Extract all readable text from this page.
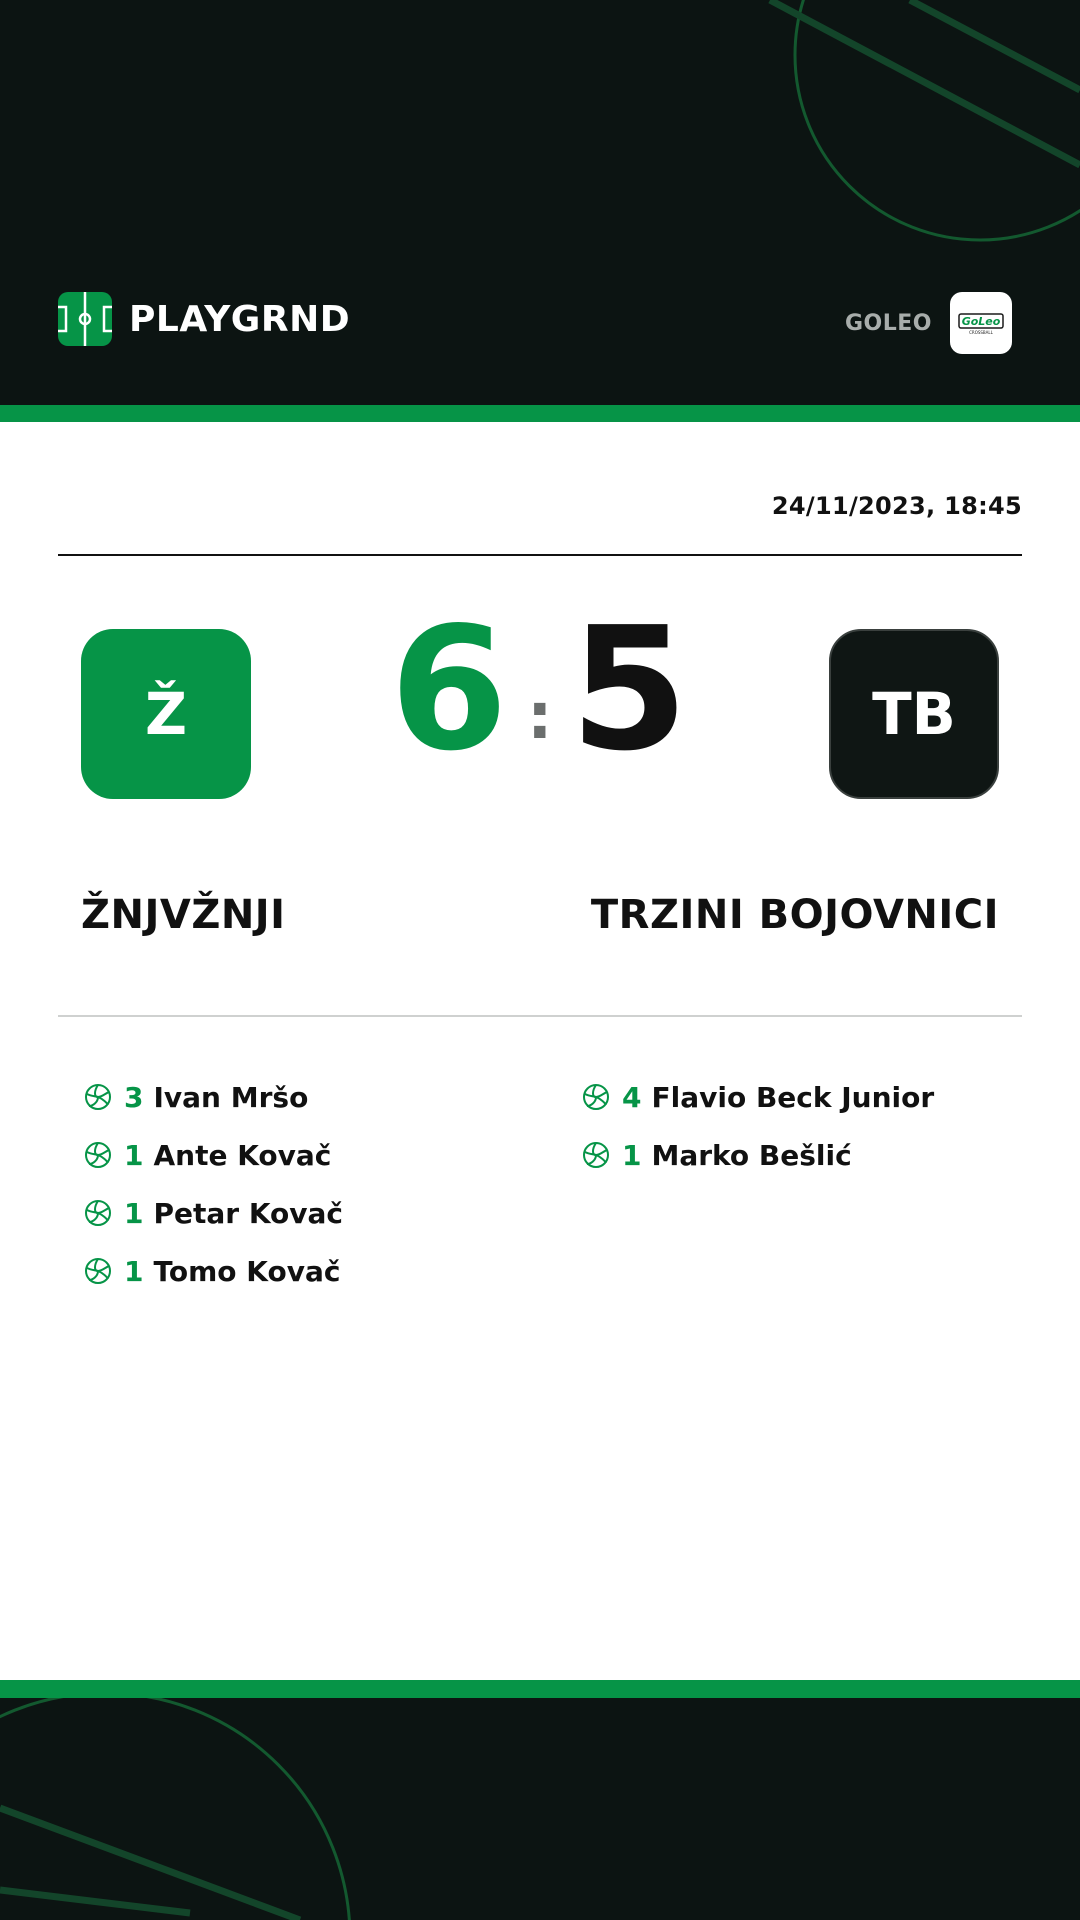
PLAYGRND	GOLEO	GoLeo
CROSSBALL
24/11/2023, 18:45
Ž 6 : 5	TB
ŽNJVŽNJI	TRZINI BOJOVNICI
3 Ivan Mršo
1 Ante Kovač
1 Petar Kovač
1 Tomo Kovač
4 Flavio Beck Junior
1 Marko Bešlić
